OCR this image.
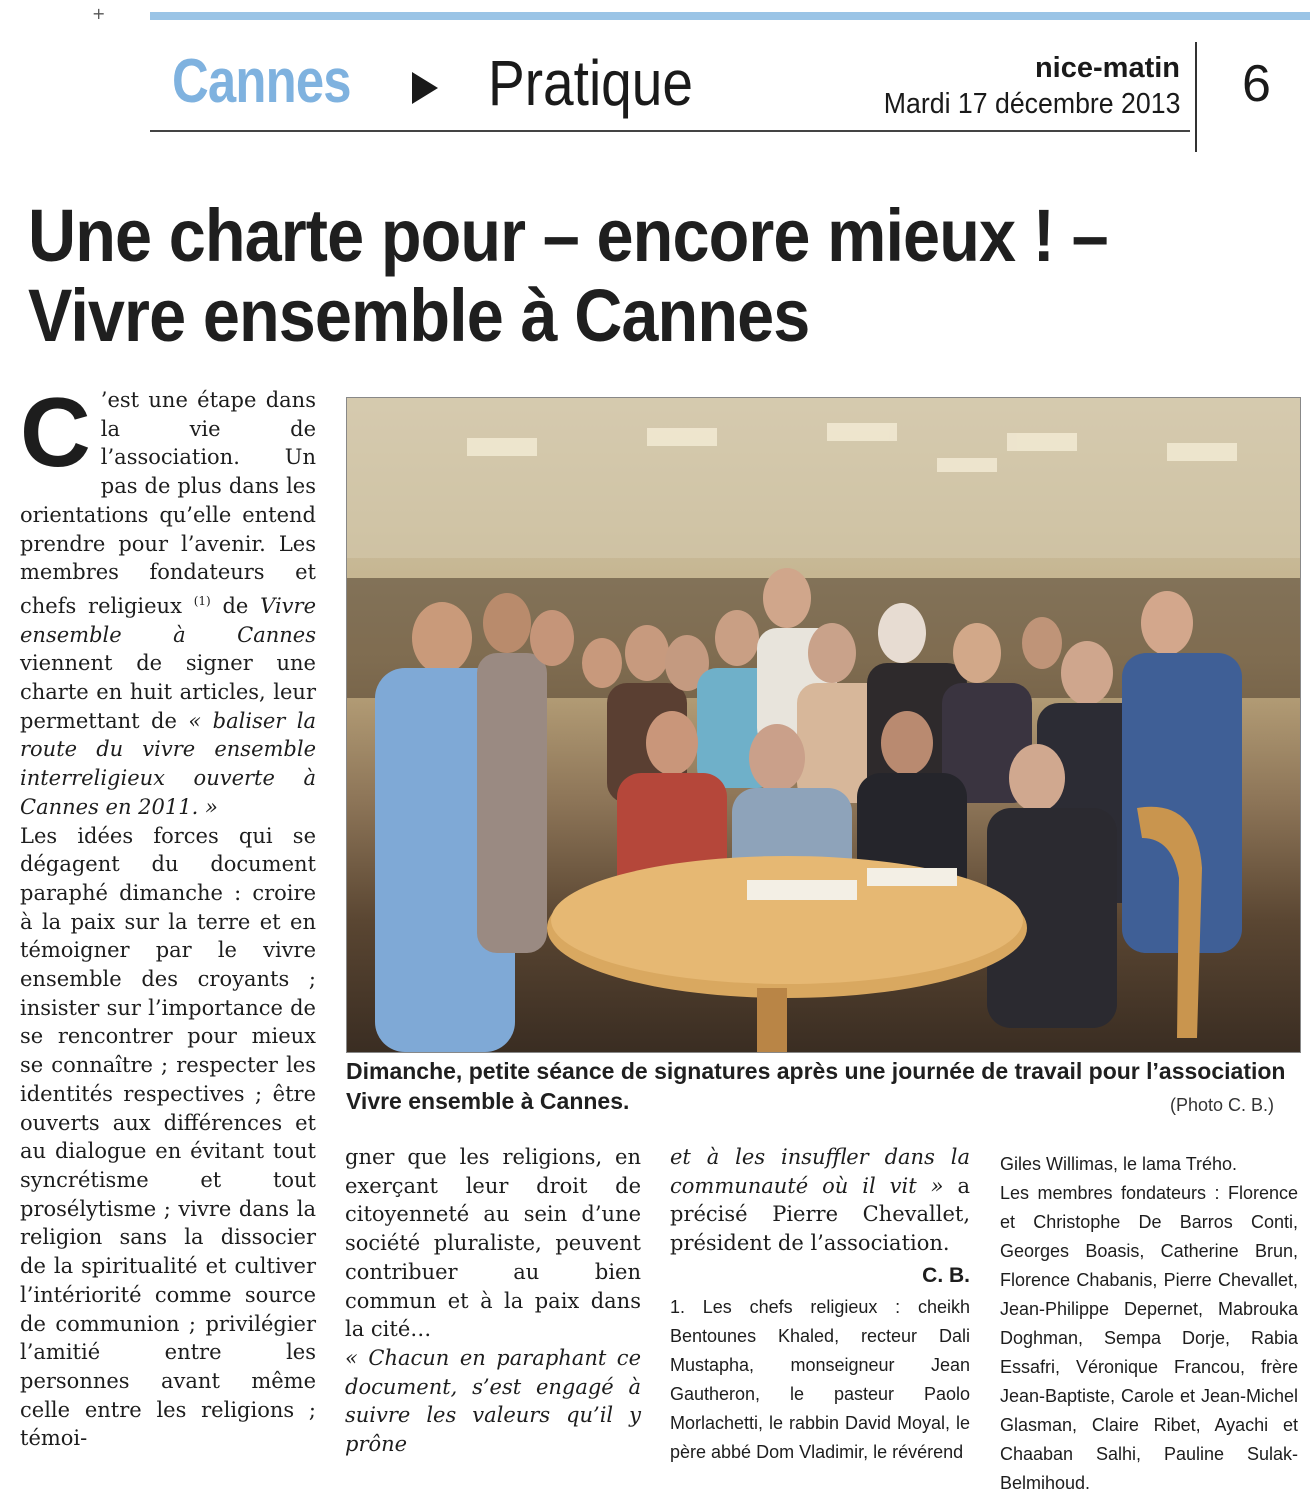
+
Cannes Pratique	nice-matin
Mardi 17 décembre 2013 6
Une charte pour – encore mieux ! –
Vivre ensemble à Cannes
C ’est une étape dans la vie de l’association. Un pas de plus dans les orientations qu’elle entend prendre pour l’avenir. Les membres fondateurs et chefs religieux $^{(1)}$ de Vivre ensemble à Cannes viennent de signer une charte en huit articles, leur permettant de « baliser la route du vivre ensemble interreligieux ouverte à Cannes en 2011. »

Les idées forces qui se dégagent du document paraphé dimanche : croire à la paix sur la terre et en témoigner par le vivre ensemble des croyants ; insister sur l’importance de se rencontrer pour mieux se connaître ; respecter les identités respectives ; être ouverts aux différences et au dialogue en évitant tout syncrétisme et tout prosélytisme ; vivre dans la religion sans la dissocier de la spiritualité et cultiver l’intériorité comme source de communion ; privilégier l’amitié entre les personnes avant même celle entre les religions ; témoi-

Dimanche, petite séance de signatures après une journée de travail pour l’association Vivre ensemble à Cannes.	(Photo C. B.)

gner que les religions, en exerçant leur droit de citoyenneté au sein d’une société pluraliste, peuvent contribuer au bien commun et à la paix dans la cité…

« Chacun en paraphant ce document, s’est engagé à suivre les valeurs qu’il y prône

et à les insuffler dans la communauté où il vit » a précisé Pierre Chevallet, président de l’association.

C. B.

1. Les chefs religieux : cheikh Bentounes Khaled, recteur Dali Mustapha, monseigneur Jean Gautheron, le pasteur Paolo Morlachetti, le rabbin David Moyal, le père abbé Dom Vladimir, le révérend

Giles Willimas, le lama Trého.

Les membres fondateurs : Florence et Christophe De Barros Conti, Georges Boasis, Catherine Brun, Florence Chabanis, Pierre Chevallet, Jean-Philippe Depernet, Mabrouka Doghman, Sempa Dorje, Rabia Essafri, Véronique Francou, frère Jean-Baptiste, Carole et Jean-Michel Glasman, Claire Ribet, Ayachi et Chaaban Salhi, Pauline Sulak-Belmihoud.
